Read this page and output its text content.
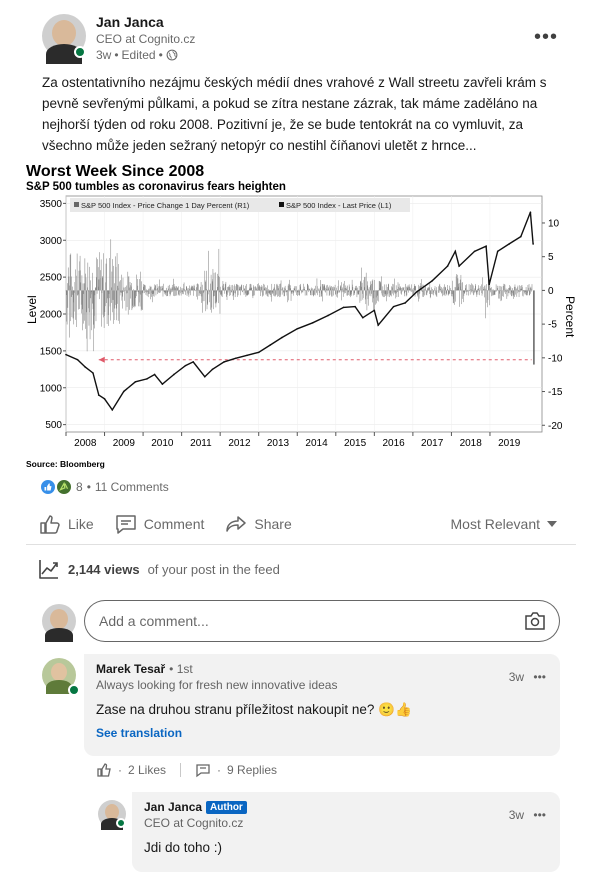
Jan Janca
CEO at Cognito.cz
3w • Edited •
•••
Za ostentativního nezájmu českých médií dnes vrahové z Wall streetu zavřeli krám s pevně sevřenými půlkami, a pokud se zítra nestane zázrak, tak máme zaděláno na nejhorší týden od roku 2008. Pozitivní je, že se bude tentokrát na co vymluvit, za všechno může jeden sežraný netopýr co nestihl číňanovi uletět z hrnce...
Worst Week Since 2008
S&P 500 tumbles as coronavirus fears heighten
S&P 500 Index - Price Change 1 Day Percent (R1)	S&P 500 Index - Last Price (L1)
2008 2009 2010 2011 2012 2013 2014 2015 2016 2017 2018 2019
3500
3000
2500
2000
1500
1000
500
10
5
0
-5
-10
-15
-20
Level	Percent
Source: Bloomberg
8 • 11 Comments
Like	Comment	Share	Most Relevant
2,144 views of your post in the feed
Add a comment...
Marek Tesař • 1st
Always looking for fresh new innovative ideas
3w •••
Zase na druhou stranu příležitost nakoupit ne? 🙂👍
See translation
· 2 Likes	· 9 Replies
Jan Janca Author
CEO at Cognito.cz
3w •••
Jdi do toho :)
